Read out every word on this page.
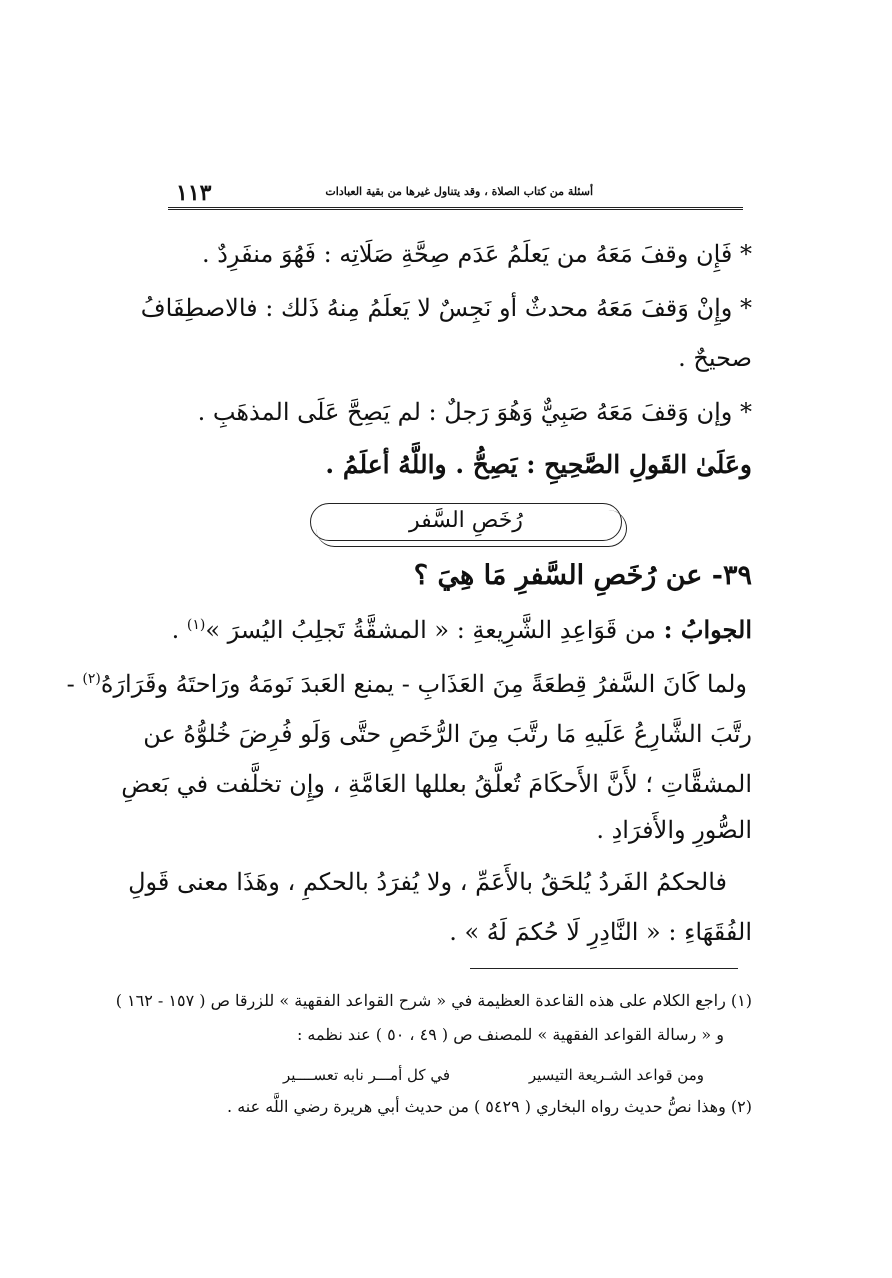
١١٣	أسئلة من كتاب الصلاة ، وقد يتناول غيرها من بقية العبادات
* فَإِن وقفَ مَعَهُ من يَعلَمُ عَدَم صِحَّةِ صَلَاتِه : فَهُوَ منفَرِدٌ .
* وإِنْ وَقفَ مَعَهُ محدثٌ أو نَجِسٌ لا يَعلَمُ مِنهُ ذَلك : فالاصطِفَافُ
صحيحٌ .
* وإن وَقفَ مَعَهُ صَبِيٌّ وَهُوَ رَجلٌ : لم يَصِحَّ عَلَى المذهَبِ .
وعَلَىٰ القَولِ الصَّحِيحِ : يَصِحُّ . واللَّهُ أعلَمُ .
رُخَصِ السَّفر
٣٩- عن رُخَصِ السَّفرِ مَا هِيَ ؟
الجوابُ : من قَوَاعِدِ الشَّرِيعةِ : « المشقَّةُ تَجلِبُ اليُسرَ »$^{(١)}$ .
ولما كَانَ السَّفرُ قِطعَةً مِنَ العَذَابِ - يمنع العَبدَ نَومَهُ ورَاحتَهُ وقَرَارَهُ$^{(٢)}$ -
رتَّبَ الشَّارِعُ عَلَيهِ مَا رتَّبَ مِنَ الرُّخَصِ حتَّى وَلَو فُرِضَ خُلوُّهُ عن
المشقَّاتِ ؛ لأَنَّ الأَحكَامَ تُعلَّقُ بعللها العَامَّةِ ، وإِن تخلَّفت في بَعضِ
الصُّورِ والأَفرَادِ .
فالحكمُ الفَردُ يُلحَقُ بالأَعَمِّ ، ولا يُفرَدُ بالحكمِ ، وهَذَا معنى قَولِ
الفُقَهَاءِ : « النَّادِرِ لَا حُكمَ لَهُ » .
(١) راجع الكلام على هذه القاعدة العظيمة في « شرح القواعد الفقهية » للزرقا ص ( ١٥٧ - ١٦٢ )
و « رسالة القواعد الفقهية » للمصنف ص ( ٤٩ ، ٥٠ ) عند نظمه :
ومن قواعد الشـريعة التيسير
في كل أمـــر نابه تعســــير
(٢) وهذا نصُّ حديث رواه البخاري ( ٥٤٢٩ ) من حديث أبي هريرة رضي اللَّه عنه .
